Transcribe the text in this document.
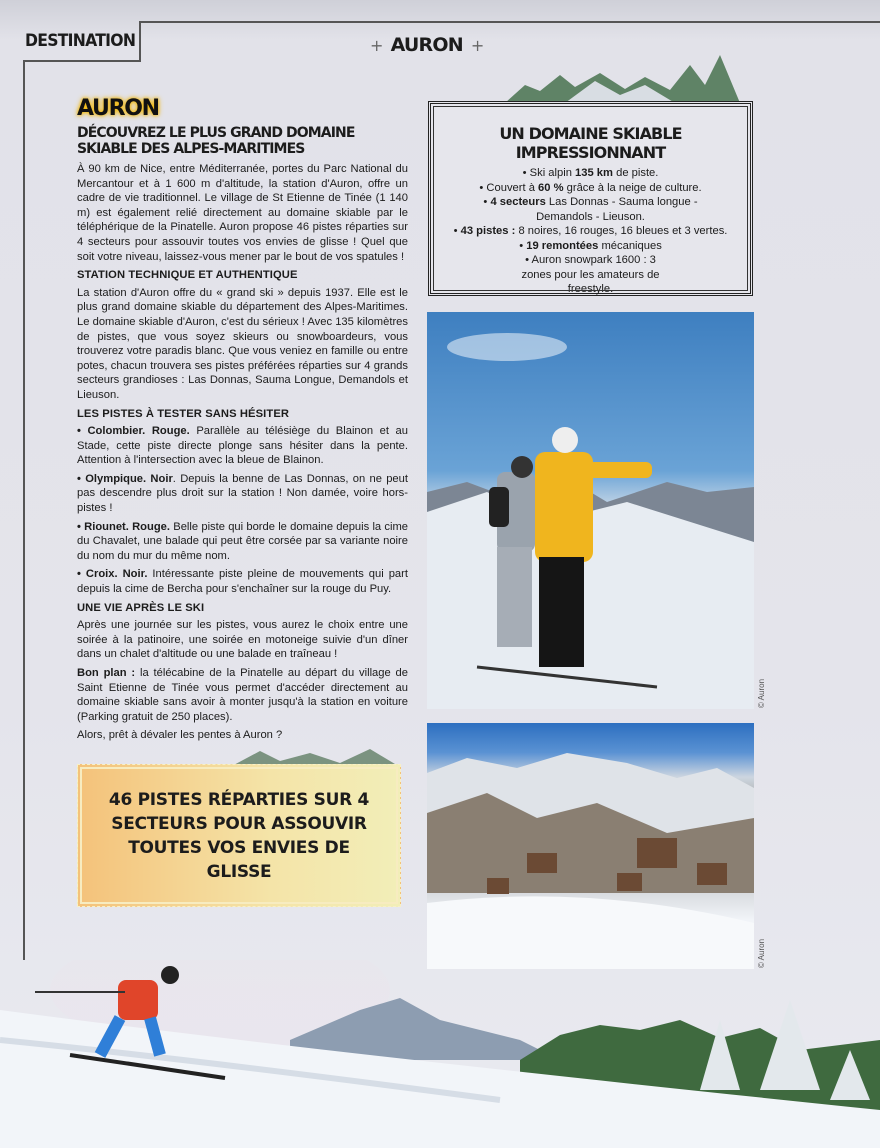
DESTINATION	+ AURON +
AURON
DÉCOUVREZ LE PLUS GRAND DOMAINE SKIABLE DES ALPES-MARITIMES

À 90 km de Nice, entre Méditerranée, portes du Parc National du Mercantour et à 1 600 m d'altitude, la station d'Auron, offre un cadre de vie traditionnel. Le village de St Etienne de Tinée (1 140 m) est également relié directement au domaine skiable par le téléphérique de la Pinatelle. Auron propose 46 pistes réparties sur 4 secteurs pour assouvir toutes vos envies de glisse ! Quel que soit votre niveau, laissez-vous mener par le bout de vos spatules !

STATION TECHNIQUE ET AUTHENTIQUE

La station d'Auron offre du « grand ski » depuis 1937. Elle est le plus grand domaine skiable du département des Alpes-Maritimes. Le domaine skiable d'Auron, c'est du sérieux ! Avec 135 kilomètres de pistes, que vous soyez skieurs ou snowboardeurs, vous trouverez votre paradis blanc. Que vous veniez en famille ou entre potes, chacun trouvera ses pistes préférées réparties sur 4 grands secteurs grandioses : Las Donnas, Sauma Longue, Demandols et Lieuson.

LES PISTES À TESTER SANS HÉSITER

• Colombier. Rouge. Parallèle au télésiège du Blainon et au Stade, cette piste directe plonge sans hésiter dans la pente. Attention à l'intersection avec la bleue de Blainon.

• Olympique. Noir. Depuis la benne de Las Donnas, on ne peut pas descendre plus droit sur la station ! Non damée, voire hors-pistes !

• Riounet. Rouge. Belle piste qui borde le domaine depuis la cime du Chavalet, une balade qui peut être corsée par sa variante noire du nom du mur du même nom.

• Croix. Noir. Intéressante piste pleine de mouvements qui part depuis la cime de Bercha pour s'enchaîner sur la rouge du Puy.

UNE VIE APRÈS LE SKI

Après une journée sur les pistes, vous aurez le choix entre une soirée à la patinoire, une soirée en motoneige suivie d'un dîner dans un chalet d'altitude ou une balade en traîneau !

Bon plan : la télécabine de la Pinatelle au départ du village de Saint Etienne de Tinée vous permet d'accéder directement au domaine skiable sans avoir à monter jusqu'à la station en voiture (Parking gratuit de 250 places).

Alors, prêt à dévaler les pentes à Auron ?

UN DOMAINE SKIABLE IMPRESSIONNANT
• Ski alpin 135 km de piste.
• Couvert à 60 % grâce à la neige de culture.
• 4 secteurs Las Donnas - Sauma longue - Demandols - Lieuson.
• 43 pistes : 8 noires, 16 rouges, 16 bleues et 3 vertes.
• 19 remontées mécaniques
• Auron snowpark 1600 : 3 zones pour les amateurs de freestyle.
© Auron
© Auron
46 PISTES RÉPARTIES SUR 4 SECTEURS POUR ASSOUVIR TOUTES VOS ENVIES DE GLISSE
